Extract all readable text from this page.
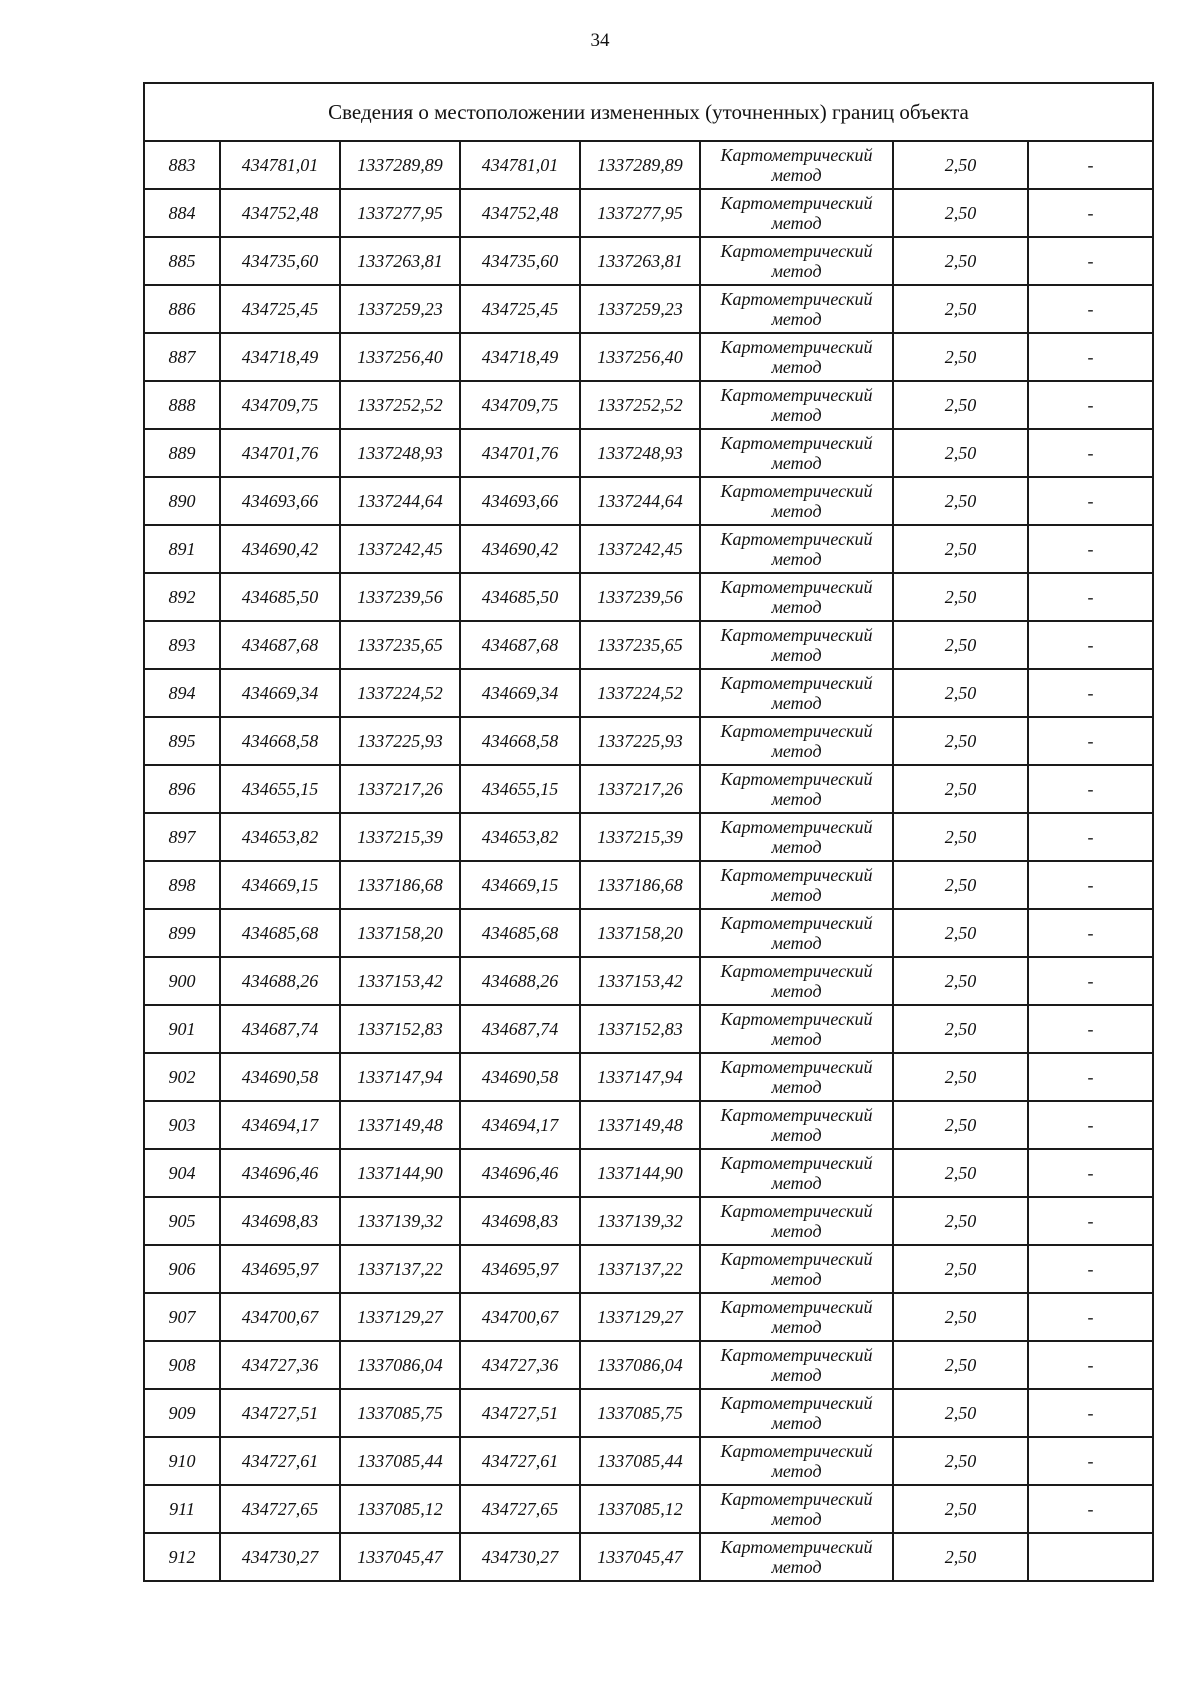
34
Сведения о местоположении измененных (уточненных) границ объекта							
883	434781,01	1337289,89	434781,01	1337289,89	Картометрический
метод	2,50	-
884	434752,48	1337277,95	434752,48	1337277,95	Картометрический
метод	2,50	-
885	434735,60	1337263,81	434735,60	1337263,81	Картометрический
метод	2,50	-
886	434725,45	1337259,23	434725,45	1337259,23	Картометрический
метод	2,50	-
887	434718,49	1337256,40	434718,49	1337256,40	Картометрический
метод	2,50	-
888	434709,75	1337252,52	434709,75	1337252,52	Картометрический
метод	2,50	-
889	434701,76	1337248,93	434701,76	1337248,93	Картометрический
метод	2,50	-
890	434693,66	1337244,64	434693,66	1337244,64	Картометрический
метод	2,50	-
891	434690,42	1337242,45	434690,42	1337242,45	Картометрический
метод	2,50	-
892	434685,50	1337239,56	434685,50	1337239,56	Картометрический
метод	2,50	-
893	434687,68	1337235,65	434687,68	1337235,65	Картометрический
метод	2,50	-
894	434669,34	1337224,52	434669,34	1337224,52	Картометрический
метод	2,50	-
895	434668,58	1337225,93	434668,58	1337225,93	Картометрический
метод	2,50	-
896	434655,15	1337217,26	434655,15	1337217,26	Картометрический
метод	2,50	-
897	434653,82	1337215,39	434653,82	1337215,39	Картометрический
метод	2,50	-
898	434669,15	1337186,68	434669,15	1337186,68	Картометрический
метод	2,50	-
899	434685,68	1337158,20	434685,68	1337158,20	Картометрический
метод	2,50	-
900	434688,26	1337153,42	434688,26	1337153,42	Картометрический
метод	2,50	-
901	434687,74	1337152,83	434687,74	1337152,83	Картометрический
метод	2,50	-
902	434690,58	1337147,94	434690,58	1337147,94	Картометрический
метод	2,50	-
903	434694,17	1337149,48	434694,17	1337149,48	Картометрический
метод	2,50	-
904	434696,46	1337144,90	434696,46	1337144,90	Картометрический
метод	2,50	-
905	434698,83	1337139,32	434698,83	1337139,32	Картометрический
метод	2,50	-
906	434695,97	1337137,22	434695,97	1337137,22	Картометрический
метод	2,50	-
907	434700,67	1337129,27	434700,67	1337129,27	Картометрический
метод	2,50	-
908	434727,36	1337086,04	434727,36	1337086,04	Картометрический
метод	2,50	-
909	434727,51	1337085,75	434727,51	1337085,75	Картометрический
метод	2,50	-
910	434727,61	1337085,44	434727,61	1337085,44	Картометрический
метод	2,50	-
911	434727,65	1337085,12	434727,65	1337085,12	Картометрический
метод	2,50	-
912	434730,27	1337045,47	434730,27	1337045,47	Картометрический
метод	2,50	
